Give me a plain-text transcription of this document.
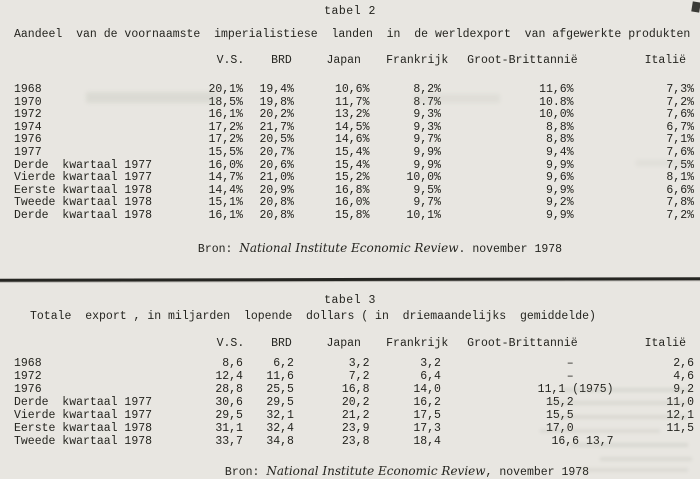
tabel 2
Aandeel  van de voornaamste  imperialistiese  landen  in  de werldexport  van afgewerkte produkten
	V.S.	BRD	Japan	Frankrijk	Groot-Brittannië	Italië
1968	20,1%	19,4%	10,6%	8,2%	11,6%	7,3%
1970	18,5%	19,8%	11,7%	8.7%	10.8%	7,2%
1972	16,1%	20,2%	13,2%	9,3%	10,0%	7,6%
1974	17,2%	21,7%	14,5%	9,3%	8,8%	6,7%
1976	17,2%	20,5%	14,6%	9,7%	8,8%	7,1%
1977	15,5%	20,7%	15,4%	9,9%	9,4%	7,6%
Derde  kwartaal 1977	16,0%	20,6%	15,4%	9,9%	9,9%	7,5%
Vierde kwartaal 1977	14,7%	21,0%	15,2%	10,0%	9,6%	8,1%
Eerste kwartaal 1978	14,4%	20,9%	16,8%	9,5%	9,9%	6,6%
Tweede kwartaal 1978	15,1%	20,8%	16,0%	9,7%	9,2%	7,8%
Derde  kwartaal 1978	16,1%	20,8%	15,8%	10,1%	9,9%	7,2%
Bron: National Institute Economic Review. november 1978
tabel 3
Totale  export , in miljarden  lopende  dollars ( in  driemaandelijks  gemiddelde)
	V.S.	BRD	Japan	Frankrijk	Groot-Brittannië	Italië
1968	8,6	6,2	3,2	3,2	–	2,6
1972	12,4	11,6	7,2	6,4	–	4,6
1976	28,8	25,5	16,8	14,0	11,1 (1975)	9,2
Derde  kwartaal 1977	30,6	29,5	20,2	16,2	15,2	11,0
Vierde kwartaal 1977	29,5	32,1	21,2	17,5	15,5	12,1
Eerste kwartaal 1978	31,1	32,4	23,9	17,3	17,0	11,5
Tweede kwartaal 1978	33,7	34,8	23,8	18,4	16,6 13,7	
Bron: National Institute Economic Review, november 1978
